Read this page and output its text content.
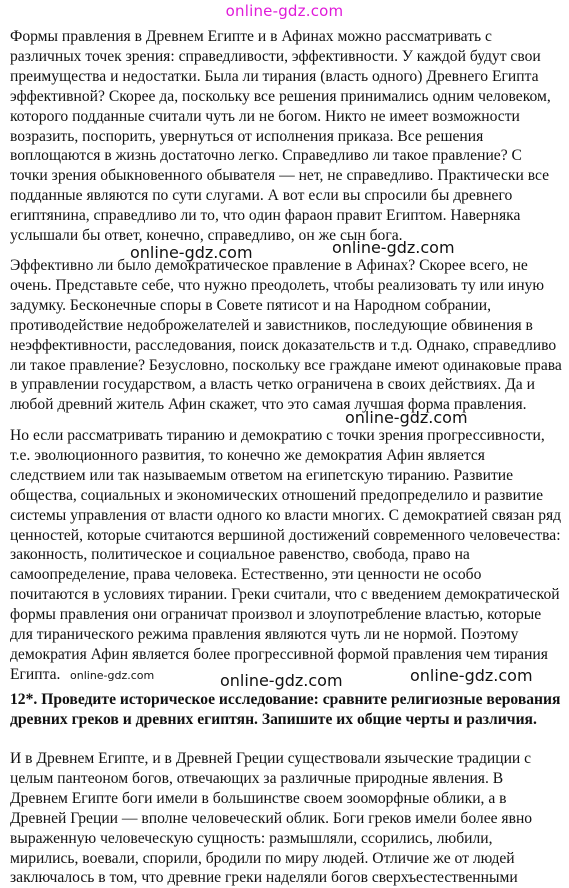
online-gdz.com
Формы правления в Древнем Египте и в Афинах можно рассматривать с различных точек зрения: справедливости, эффективности. У каждой будут свои преимущества и недостатки. Была ли тирания (власть одного) Древнего Египта эффективной? Скорее да, поскольку все решения принимались одним человеком, которого подданные считали чуть ли не богом. Никто не имеет возможности возразить, поспорить, увернуться от исполнения приказа. Все решения воплощаются в жизнь достаточно легко. Справедливо ли такое правление? С точки зрения обыкновенного обывателя — нет, не справедливо. Практически все подданные являются по сути слугами. А вот если вы спросили бы древнего египтянина, справедливо ли то, что один фараон правит Египтом. Наверняка услышали бы ответ, конечно, справедливо, он же сын бога.
Эффективно ли было демократическое правление в Афинах? Скорее всего, не очень. Представьте себе, что нужно преодолеть, чтобы реализовать ту или иную задумку. Бесконечные споры в Совете пятисот и на Народном собрании, противодействие недоброжелателей и завистников, последующие обвинения в неэффективности, расследования, поиск доказательств и т.д. Однако, справедливо ли такое правление? Безусловно, поскольку все граждане имеют одинаковые права в управлении государством, а власть четко ограничена в своих действиях. Да и любой древний житель Афин скажет, что это самая лучшая форма правления.
Но если рассматривать тиранию и демократию с точки зрения прогрессивности, т.е. эволюционного развития, то конечно же демократия Афин является следствием или так называемым ответом на египетскую тиранию. Развитие общества, социальных и экономических отношений предопределило и развитие системы управления от власти одного ко власти многих. С демократией связан ряд ценностей, которые считаются вершиной достижений современного человечества: законность, политическое и социальное равенство, свобода, право на самоопределение, права человека. Естественно, эти ценности не особо почитаются в условиях тирании. Греки считали, что с введением демократической формы правления они ограничат произвол и злоупотребление властью, которые для тиранического режима правления являются чуть ли не нормой. Поэтому демократия Афин является более прогрессивной формой правления чем тирания Египта.
12*. Проведите историческое исследование: сравните религиозные верования древних греков и древних египтян. Запишите их общие черты и различия.
И в Древнем Египте, и в Древней Греции существовали языческие традиции с целым пантеоном богов, отвечающих за различные природные явления. В Древнем Египте боги имели в большинстве своем зооморфные облики, а в Древней Греции — вполне человеческий облик. Боги греков имели более явно выраженную человеческую сущность: размышляли, ссорились, любили, мирились, воевали, спорили, бродили по миру людей. Отличие же от людей заключалось в том, что древние греки наделяли богов сверхъестественными
online-gdz.com	online-gdz.com
online-gdz.com
online-gdz.com	online-gdz.com	online-gdz.com
